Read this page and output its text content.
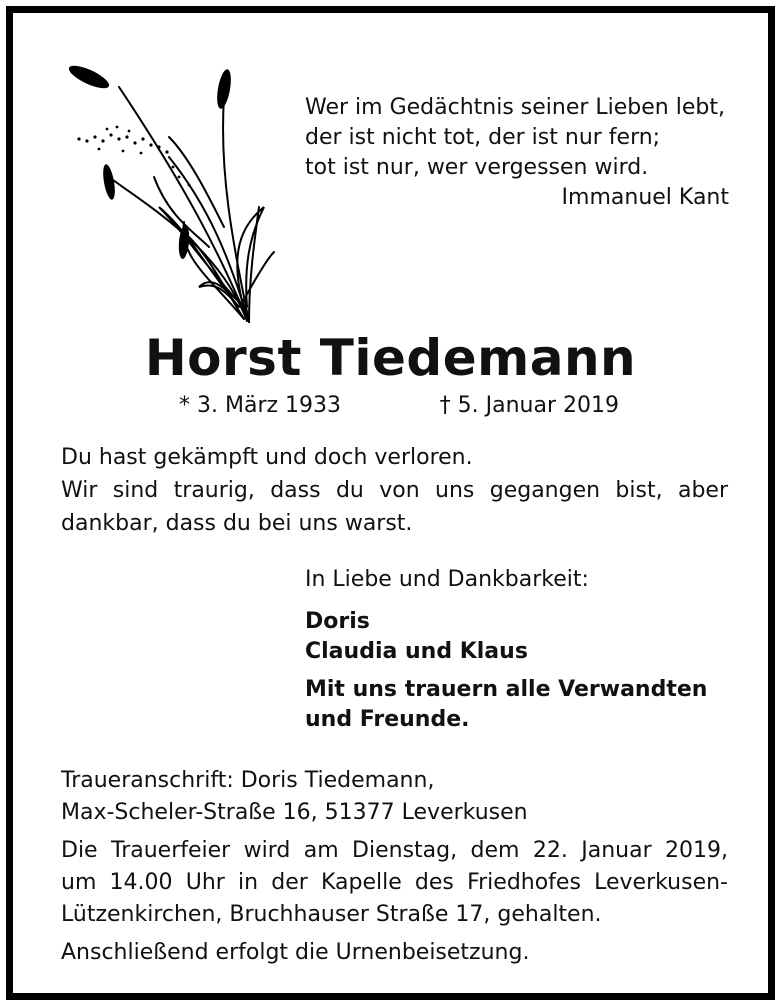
Wer im Gedächtnis seiner Lieben lebt,
der ist nicht tot, der ist nur fern;
tot ist nur, wer vergessen wird.
Immanuel Kant
Horst Tiedemann
* 3. März 1933	† 5. Januar 2019
Du hast gekämpft und doch verloren.
Wir sind traurig, dass du von uns gegangen bist, aber
dankbar, dass du bei uns warst.
In Liebe und Dankbarkeit:
Doris
Claudia und Klaus
Mit uns trauern alle Verwandten
und Freunde.
Traueranschrift: Doris Tiedemann,
Max-Scheler-Straße 16, 51377 Leverkusen
Die Trauerfeier wird am Dienstag, dem 22. Januar 2019,
um 14.00 Uhr in der Kapelle des Friedhofes Leverkusen-
Lützenkirchen, Bruchhauser Straße 17, gehalten.
Anschließend erfolgt die Urnenbeisetzung.
